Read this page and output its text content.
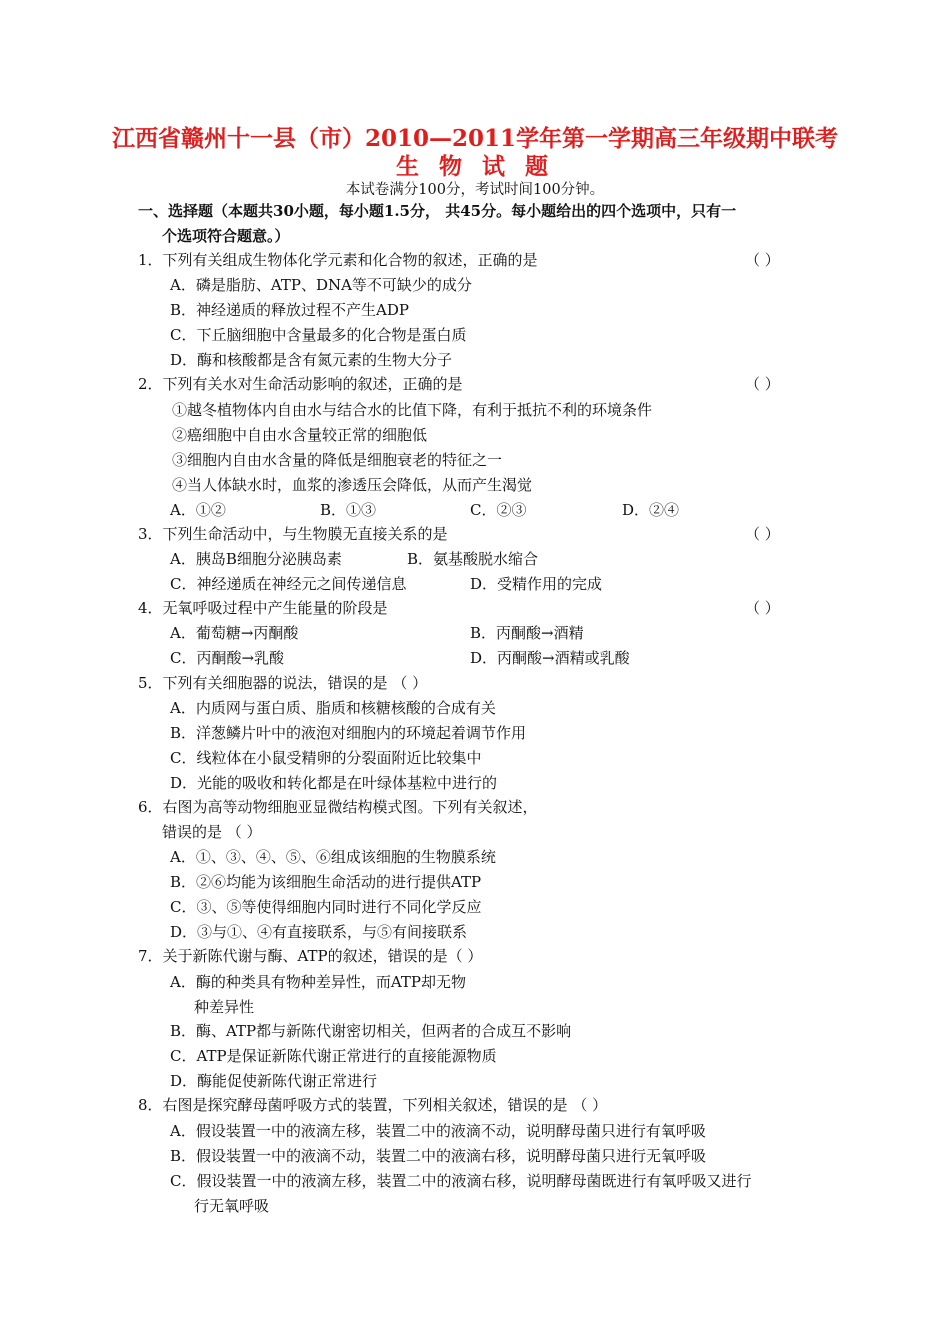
江西省赣州十一县（市）2010—2011学年第一学期高三年级期中联考
生 物 试 题
本试卷满分100分，考试时间100分钟。
一、选择题（本题共30小题，每小题1.5分， 共45分。每小题给出的四个选项中，只有一
个选项符合题意。）
1．下列有关组成生物体化学元素和化合物的叙述，正确的是	（ ）
A．磷是脂肪、ATP、DNA等不可缺少的成分
B．神经递质的释放过程不产生ADP
C．下丘脑细胞中含量最多的化合物是蛋白质
D．酶和核酸都是含有氮元素的生物大分子
2．下列有关水对生命活动影响的叙述，正确的是	（ ）
①越冬植物体内自由水与结合水的比值下降，有利于抵抗不利的环境条件
②癌细胞中自由水含量较正常的细胞低
③细胞内自由水含量的降低是细胞衰老的特征之一
④当人体缺水时，血浆的渗透压会降低，从而产生渴觉
A．①②	B．①③	C．②③	D．②④
3．下列生命活动中，与生物膜无直接关系的是	（ ）
A．胰岛B细胞分泌胰岛素	B．氨基酸脱水缩合
C．神经递质在神经元之间传递信息	D．受精作用的完成
4．无氧呼吸过程中产生能量的阶段是	（ ）
A．葡萄糖→丙酮酸	B．丙酮酸→酒精
C．丙酮酸→乳酸	D．丙酮酸→酒精或乳酸
5．下列有关细胞器的说法，错误的是 （ ）
A．内质网与蛋白质、脂质和核糖核酸的合成有关
B．洋葱鳞片叶中的液泡对细胞内的环境起着调节作用
C．线粒体在小鼠受精卵的分裂面附近比较集中
D．光能的吸收和转化都是在叶绿体基粒中进行的
6．右图为高等动物细胞亚显微结构模式图。下列有关叙述，
错误的是 （ ）
A．①、③、④、⑤、⑥组成该细胞的生物膜系统
B．②⑥均能为该细胞生命活动的进行提供ATP
C．③、⑤等使得细胞内同时进行不同化学反应
D．③与①、④有直接联系，与⑤有间接联系
7．关于新陈代谢与酶、ATP的叙述，错误的是（ ）
A．酶的种类具有物种差异性，而ATP却无物
种差异性
B．酶、ATP都与新陈代谢密切相关，但两者的合成互不影响
C．ATP是保证新陈代谢正常进行的直接能源物质
D．酶能促使新陈代谢正常进行
8．右图是探究酵母菌呼吸方式的装置，下列相关叙述，错误的是 （ ）
A．假设装置一中的液滴左移，装置二中的液滴不动，说明酵母菌只进行有氧呼吸
B．假设装置一中的液滴不动，装置二中的液滴右移，说明酵母菌只进行无氧呼吸
C．假设装置一中的液滴左移，装置二中的液滴右移，说明酵母菌既进行有氧呼吸又进行
行无氧呼吸
